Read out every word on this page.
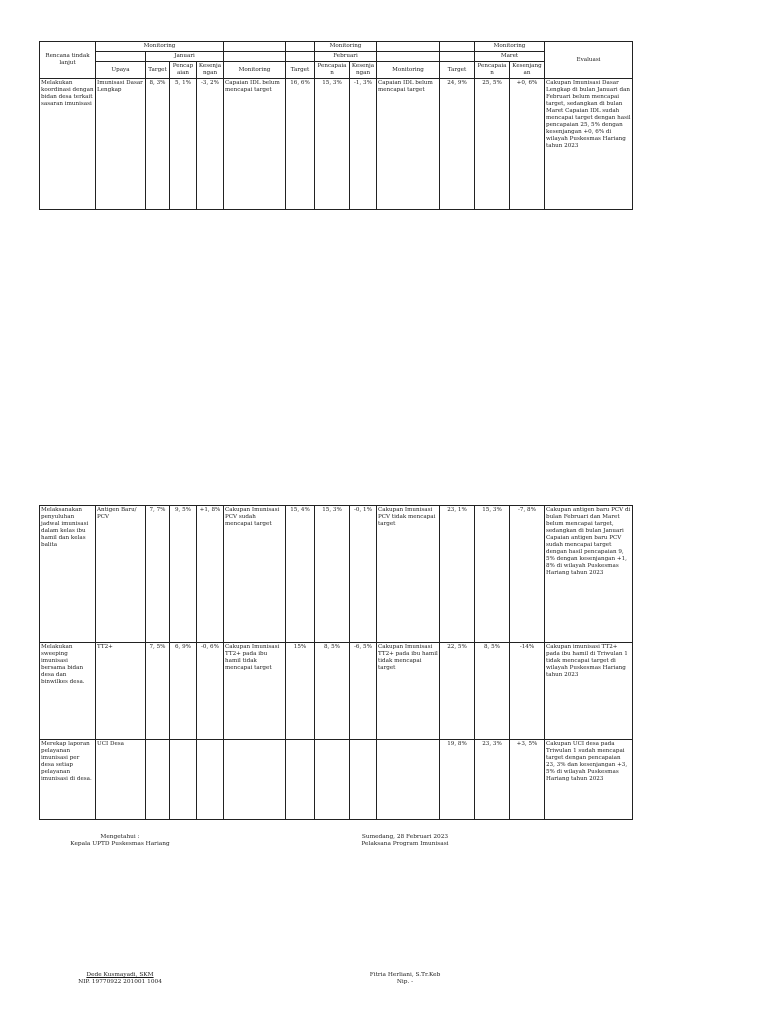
Rencana tindak lanjut	Monitoring						Monitoring				Monitoring		Evaluasi
		Januari					Februari				Maret		
	Upaya	Target	Pencap aian	Kesenja ngan	Monitoring	Target	Pencapaia n	Kesenja ngan	Monitoring	Target	Pencapaia n	Kesenjang an	
Melakukan koordinasi dengan bidan desa terkait sasaran imunisasi	Imunisasi Dasar Lengkap	8, 3%	5, 1%	-3, 2%	Capaian IDL belum mencapai target	16, 6%	15, 3%	-1, 3%	Capaian IDL belum mencapai target	24, 9%	25, 5%	+0, 6%	Cakupan Imunisasi Dasar Lengkap di bulan Januari dan Februari belum mencapai target, sedangkan di bulan Maret Capaian IDL sudah mencapai target dengan hasil pencapaian 25, 5% dengan kesenjangan +0, 6% di wilayah Puskesmas Hariang tahun 2023
Melaksanakan penyuluhan jadwal imunisasi dalam kelas ibu hamil dan kelas balita	Antigen Baru/ PCV	7, 7%	9, 5%	+1, 8%	Cakupan Imunisasi PCV sudah mencapai target	15, 4%	15, 3%	-0, 1%	Cakupan Imunisasi PCV tidak mencapai target	23, 1%	15, 3%	-7, 8%	Cakupan antigen baru PCV di bulan Februari dan Maret belum mencapai target, sedangkan di bulan Januari Capaian antigen baru PCV sudah mencapai target dengan hasil pencapaian 9, 5% dengan kesenjangan +1, 8% di wilayah Puskesmas Hariang tahun 2023
Melakukan sweeping imunisasi bersama bidan desa dan binwilkes desa.	TT2+	7, 5%	6, 9%	-0, 6%	Cakupan Imunisasi TT2+ pada ibu hamil tidak mencapai target	15%	8, 5%	-6, 5%	Cakupan Imunisasi TT2+ pada ibu hamil tidak mencapai target	22, 5%	8, 5%	-14%	Cakupan imunisasi TT2+ pada ibu hamil di Triwulan 1 tidak mencapai target di wilayah Puskesmas Hariang tahun 2023
Merekap laporan pelayanan imunisasi per desa setiap pelayanan imunisasi di desa.	UCI Desa									19, 8%	23, 3%	+3, 5%	Cakupan UCI desa pada Triwulan 1 sudah mencapai target dengan pencapaian 23, 3% dan kesenjangan +3, 5% di wilayah Puskesmas Hariang tahun 2023
Mengetahui :
Kepala UPTD Puskesmas Hariang
Dede Kusmayadi, SKM
NIP. 19770922 201001 1004
Sumedang, 28 Februari 2023
Pelaksana Program Imunisasi
Fitria Herliani, S.Tr.Keb
Nip. -
